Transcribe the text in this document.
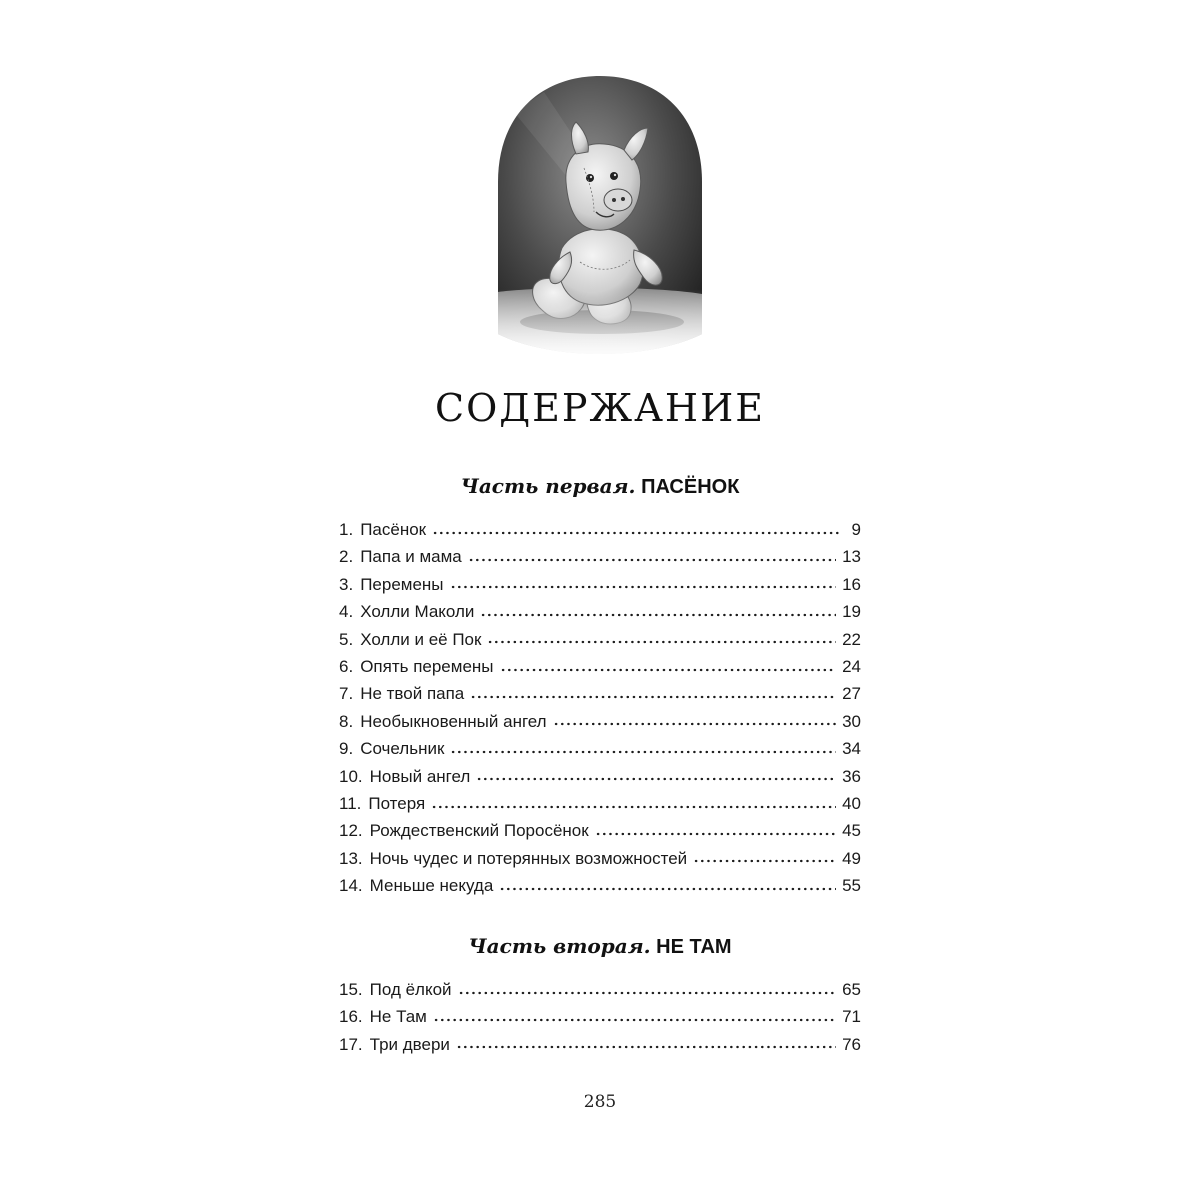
СОДЕРЖАНИЕ
Часть первая. ПАСЁНОК
1. Пасёнок	9
2. Папа и мама	13
3. Перемены	16
4. Холли Маколи	19
5. Холли и её Пок	22
6. Опять перемены	24
7. Не твой папа	27
8. Необыкновенный ангел	30
9. Сочельник	34
10. Новый ангел	36
11. Потеря	40
12. Рождественский Поросёнок	45
13. Ночь чудес и потерянных возможностей	49
14. Меньше некуда	55
Часть вторая. НЕ ТАМ
15. Под ёлкой	65
16. Не Там	71
17. Три двери	76
285
